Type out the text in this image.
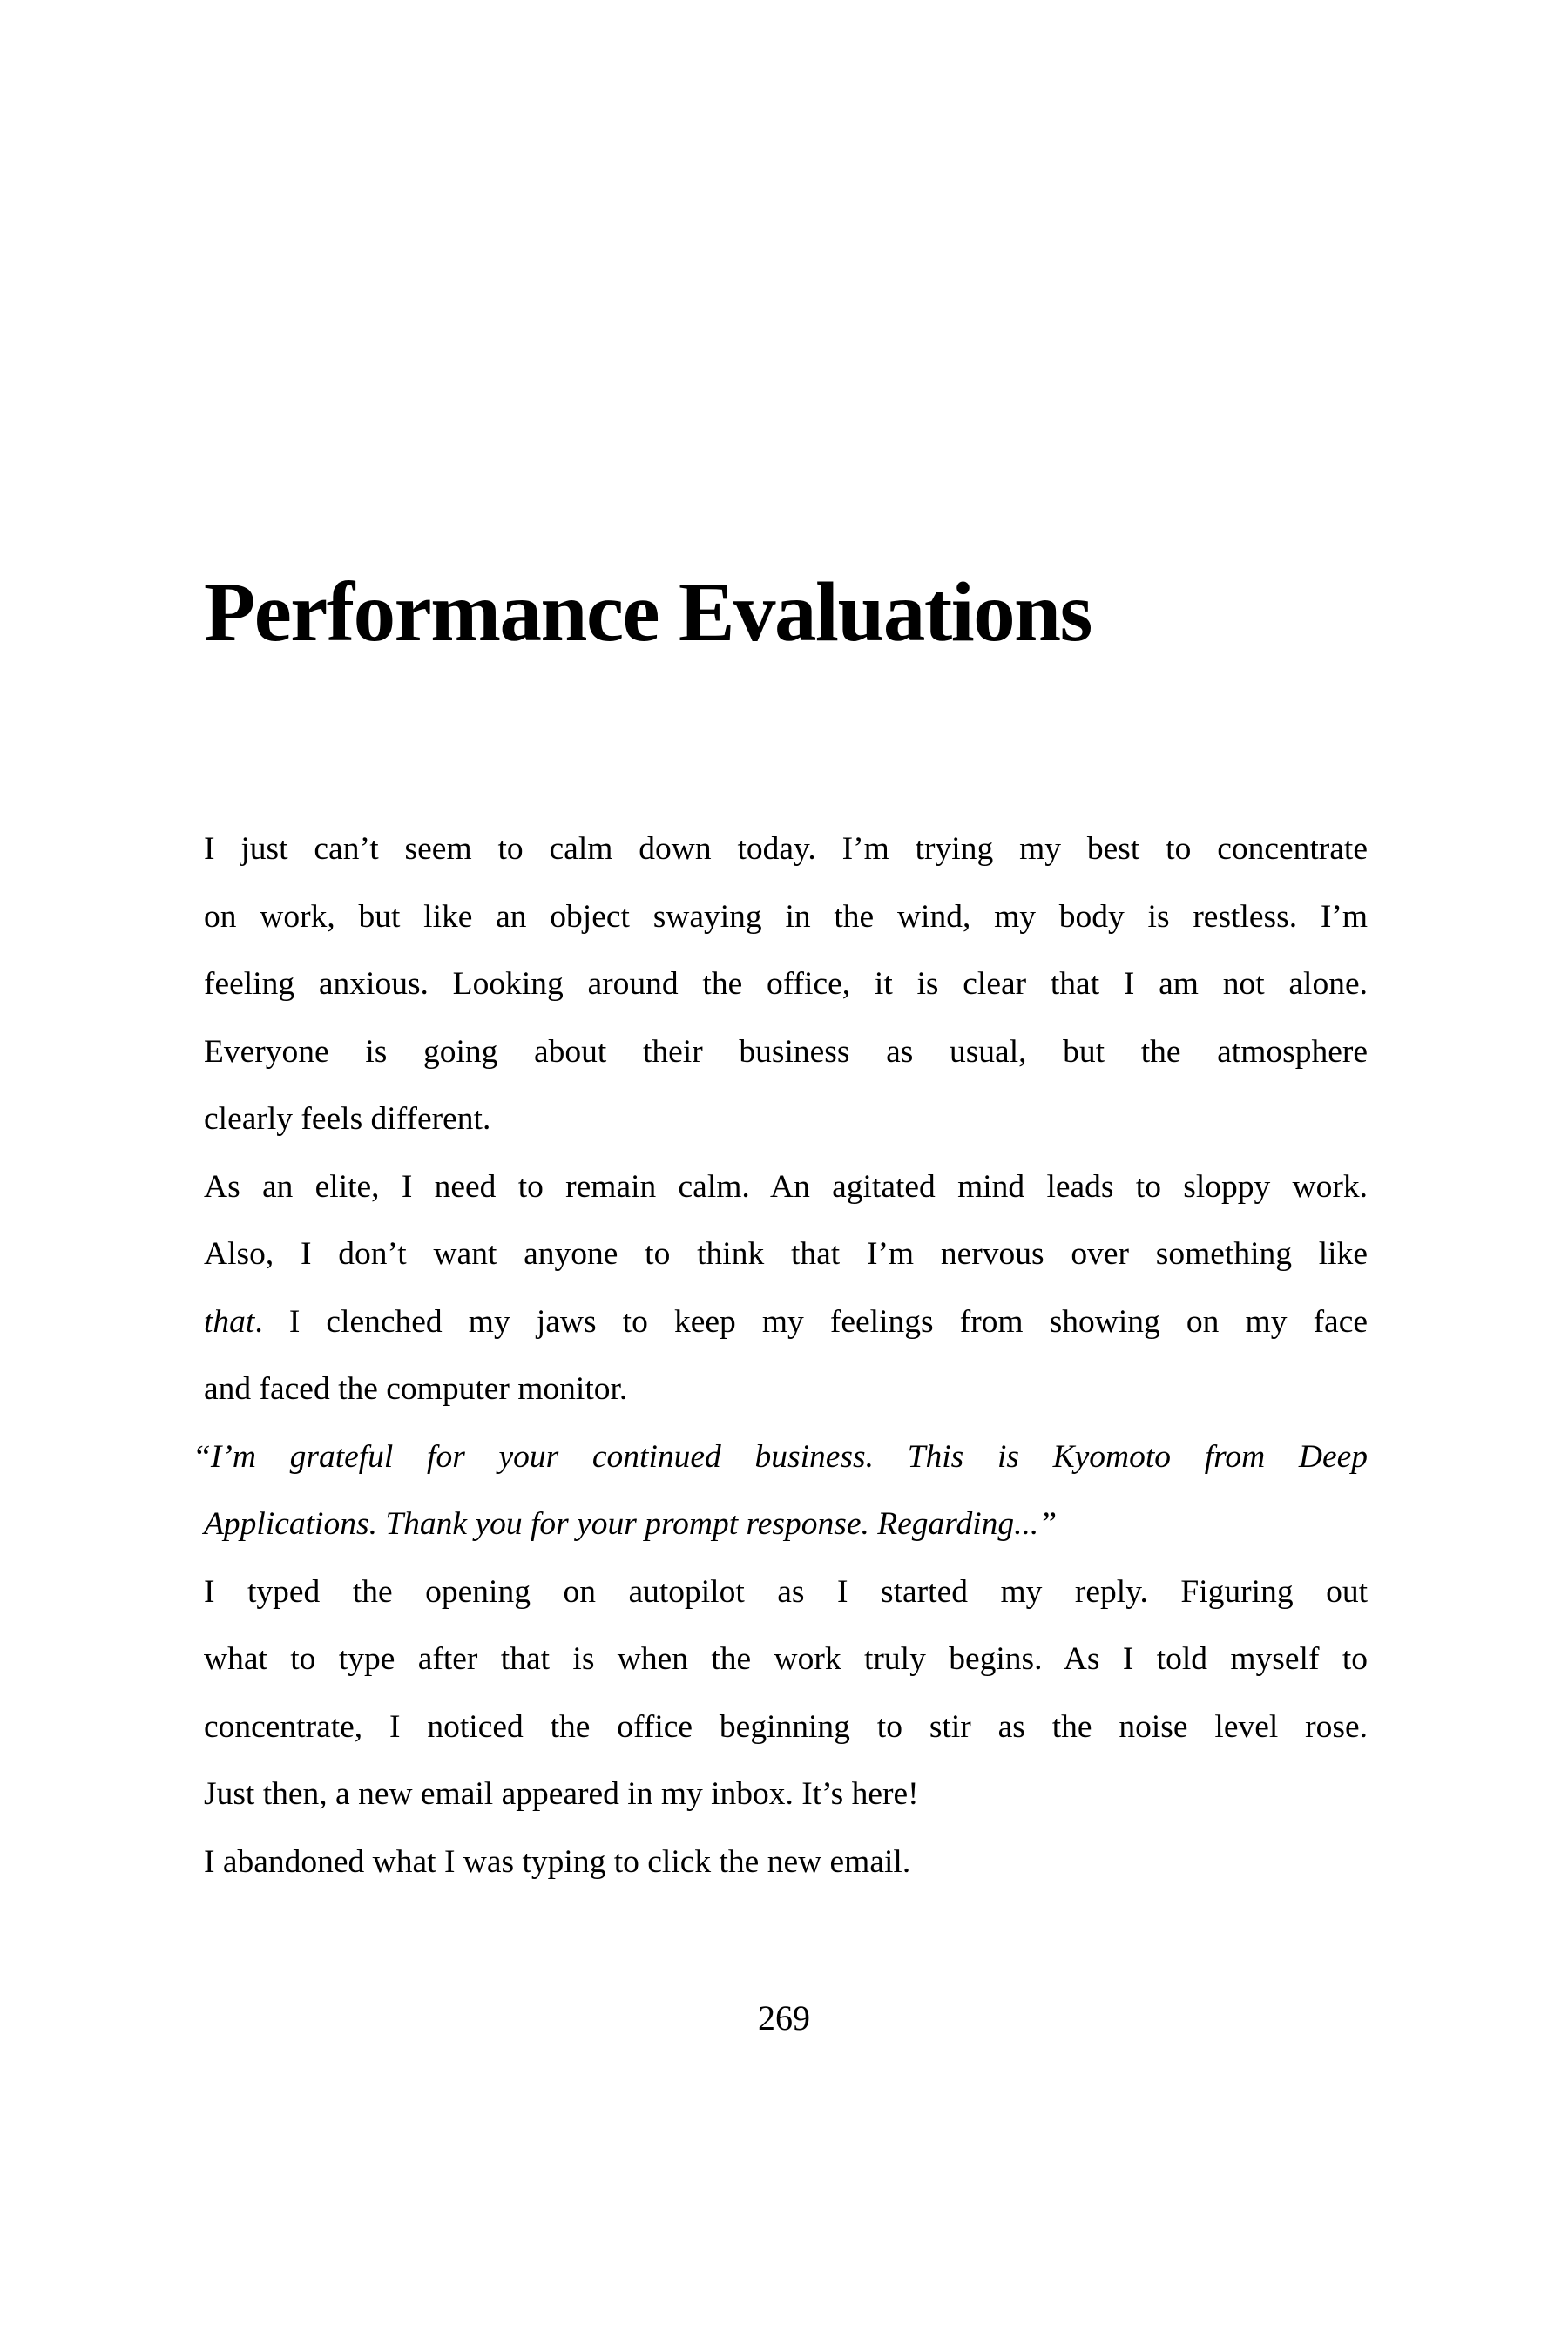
Performance Evaluations
I just can’t seem to calm down today. I’m trying my best to concentrate
on work, but like an object swaying in the wind, my body is restless. I’m
feeling anxious. Looking around the office, it is clear that I am not alone.
Everyone is going about their business as usual, but the atmosphere
clearly feels different.
As an elite, I need to remain calm. An agitated mind leads to sloppy work.
Also, I don’t want anyone to think that I’m nervous over something like
that. I clenched my jaws to keep my feelings from showing on my face
and faced the computer monitor.
“I’m grateful for your continued business. This is Kyomoto from Deep
Applications. Thank you for your prompt response. Regarding...”
I typed the opening on autopilot as I started my reply. Figuring out
what to type after that is when the work truly begins. As I told myself to
concentrate, I noticed the office beginning to stir as the noise level rose.
Just then, a new email appeared in my inbox. It’s here!
I abandoned what I was typing to click the new email.
269
